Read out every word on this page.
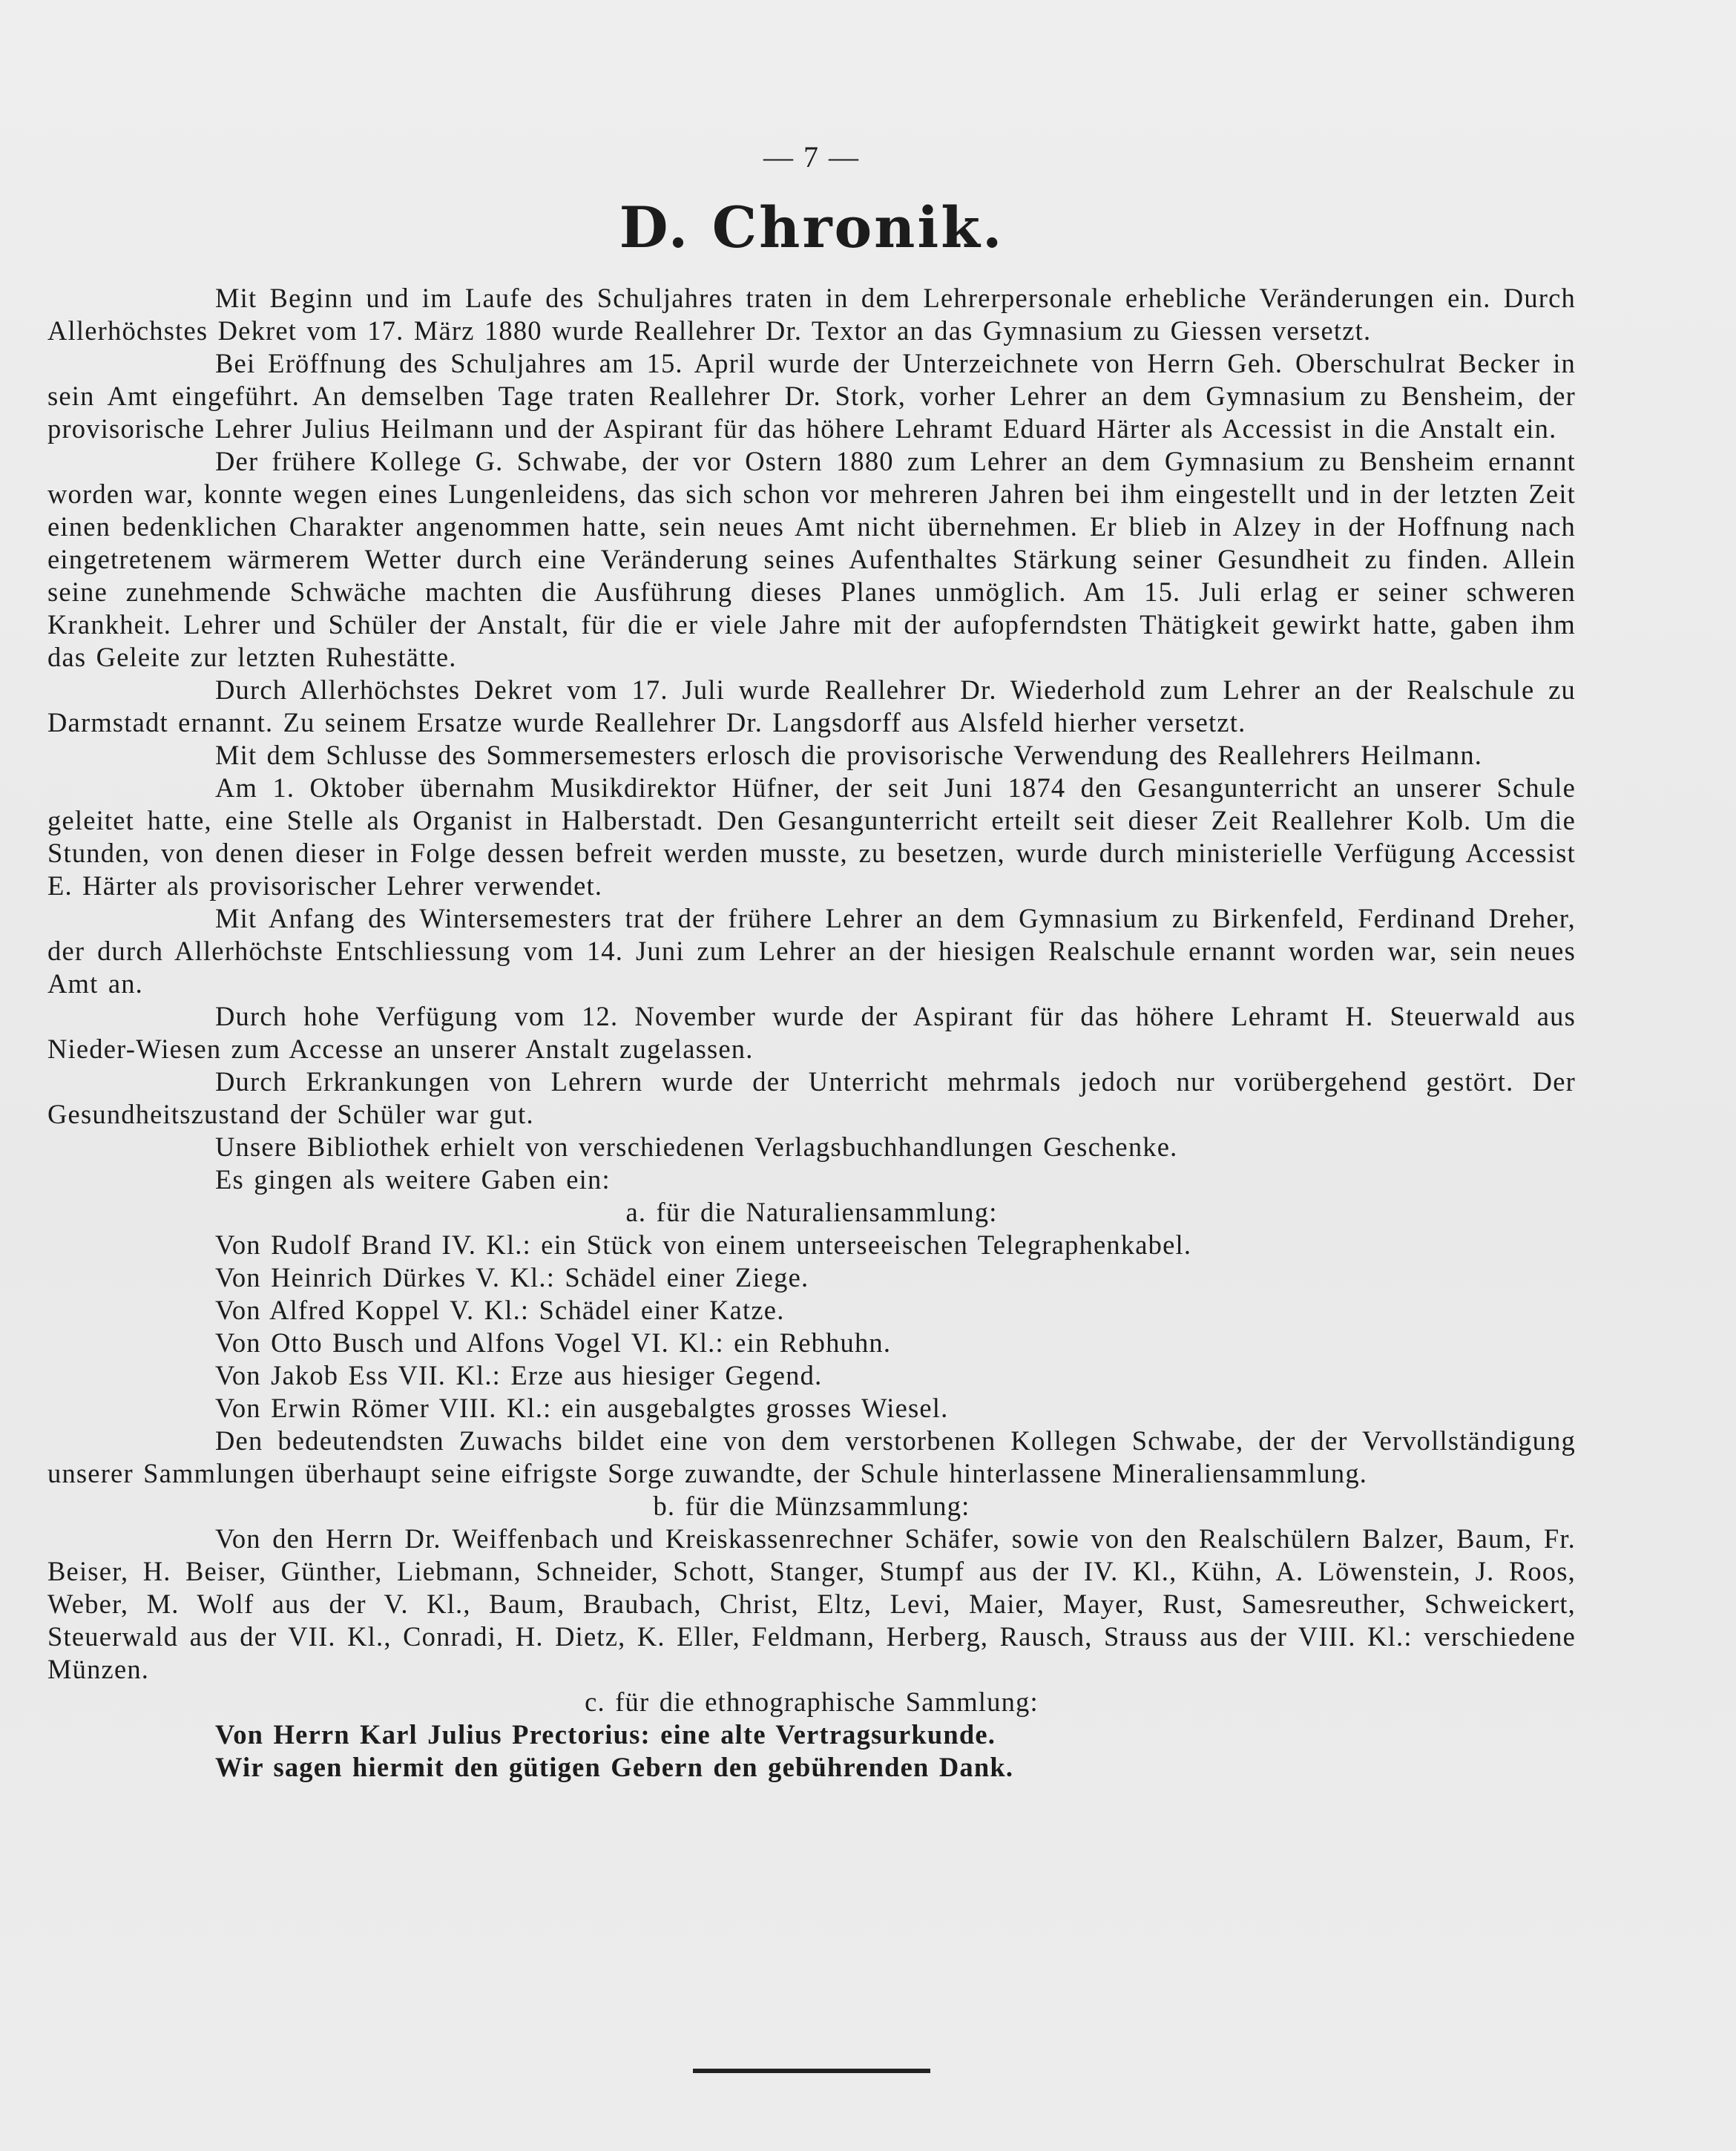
— 7 —
D. Chronik.

Mit Beginn und im Laufe des Schuljahres traten in dem Lehrerpersonale erhebliche Veränderungen ein. Durch Allerhöchstes Dekret vom 17. März 1880 wurde Reallehrer Dr. Textor an das Gymnasium zu Giessen versetzt.

Bei Eröffnung des Schuljahres am 15. April wurde der Unterzeichnete von Herrn Geh. Oberschulrat Becker in sein Amt eingeführt. An demselben Tage traten Reallehrer Dr. Stork, vorher Lehrer an dem Gymnasium zu Bensheim, der provisorische Lehrer Julius Heilmann und der Aspirant für das höhere Lehramt Eduard Härter als Accessist in die Anstalt ein.

Der frühere Kollege G. Schwabe, der vor Ostern 1880 zum Lehrer an dem Gymnasium zu Bensheim ernannt worden war, konnte wegen eines Lungenleidens, das sich schon vor mehreren Jahren bei ihm eingestellt und in der letzten Zeit einen bedenklichen Charakter angenommen hatte, sein neues Amt nicht übernehmen. Er blieb in Alzey in der Hoffnung nach eingetretenem wärmerem Wetter durch eine Veränderung seines Aufenthaltes Stärkung seiner Gesundheit zu finden. Allein seine zunehmende Schwäche machten die Ausführung dieses Planes unmöglich. Am 15. Juli erlag er seiner schweren Krankheit. Lehrer und Schüler der Anstalt, für die er viele Jahre mit der aufopferndsten Thätigkeit gewirkt hatte, gaben ihm das Geleite zur letzten Ruhestätte.

Durch Allerhöchstes Dekret vom 17. Juli wurde Reallehrer Dr. Wiederhold zum Lehrer an der Realschule zu Darmstadt ernannt. Zu seinem Ersatze wurde Reallehrer Dr. Langsdorff aus Alsfeld hierher versetzt.

Mit dem Schlusse des Sommersemesters erlosch die provisorische Verwendung des Reallehrers Heilmann.

Am 1. Oktober übernahm Musikdirektor Hüfner, der seit Juni 1874 den Gesangunterricht an unserer Schule geleitet hatte, eine Stelle als Organist in Halberstadt. Den Gesangunterricht erteilt seit dieser Zeit Reallehrer Kolb. Um die Stunden, von denen dieser in Folge dessen befreit werden musste, zu besetzen, wurde durch ministerielle Verfügung Accessist E. Härter als provisorischer Lehrer verwendet.

Mit Anfang des Wintersemesters trat der frühere Lehrer an dem Gymnasium zu Birkenfeld, Ferdinand Dreher, der durch Allerhöchste Entschliessung vom 14. Juni zum Lehrer an der hiesigen Realschule ernannt worden war, sein neues Amt an.

Durch hohe Verfügung vom 12. November wurde der Aspirant für das höhere Lehramt H. Steuerwald aus Nieder-Wiesen zum Accesse an unserer Anstalt zugelassen.

Durch Erkrankungen von Lehrern wurde der Unterricht mehrmals jedoch nur vorübergehend gestört. Der Gesundheitszustand der Schüler war gut.

Unsere Bibliothek erhielt von verschiedenen Verlagsbuchhandlungen Geschenke.

Es gingen als weitere Gaben ein:

a. für die Naturaliensammlung:

Von Rudolf Brand IV. Kl.: ein Stück von einem unterseeischen Telegraphenkabel.

Von Heinrich Dürkes V. Kl.: Schädel einer Ziege.

Von Alfred Koppel V. Kl.: Schädel einer Katze.

Von Otto Busch und Alfons Vogel VI. Kl.: ein Rebhuhn.

Von Jakob Ess VII. Kl.: Erze aus hiesiger Gegend.

Von Erwin Römer VIII. Kl.: ein ausgebalgtes grosses Wiesel.

Den bedeutendsten Zuwachs bildet eine von dem verstorbenen Kollegen Schwabe, der der Vervollständigung unserer Sammlungen überhaupt seine eifrigste Sorge zuwandte, der Schule hinterlassene Mineraliensammlung.

b. für die Münzsammlung:

Von den Herrn Dr. Weiffenbach und Kreiskassenrechner Schäfer, sowie von den Realschülern Balzer, Baum, Fr. Beiser, H. Beiser, Günther, Liebmann, Schneider, Schott, Stanger, Stumpf aus der IV. Kl., Kühn, A. Löwenstein, J. Roos, Weber, M. Wolf aus der V. Kl., Baum, Braubach, Christ, Eltz, Levi, Maier, Mayer, Rust, Samesreuther, Schweickert, Steuerwald aus der VII. Kl., Conradi, H. Dietz, K. Eller, Feldmann, Herberg, Rausch, Strauss aus der VIII. Kl.: verschiedene Münzen.

c. für die ethnographische Sammlung:

Von Herrn Karl Julius Prectorius: eine alte Vertragsurkunde.

Wir sagen hiermit den gütigen Gebern den gebührenden Dank.
